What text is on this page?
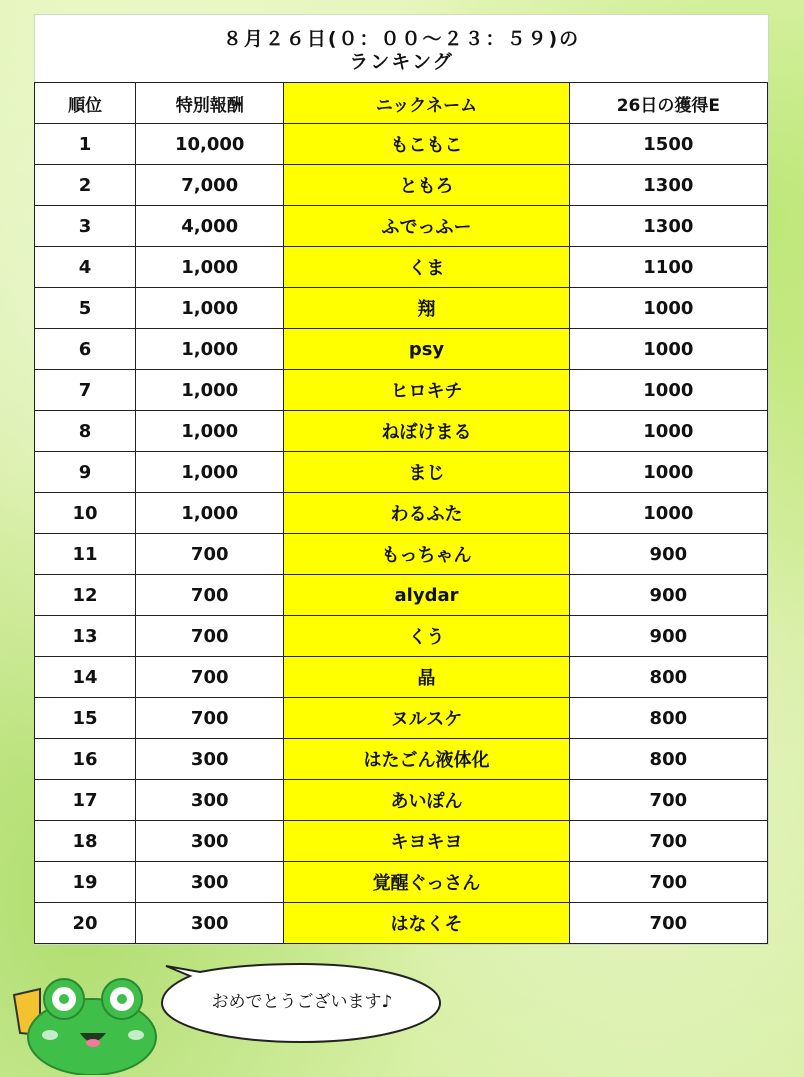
８月２６日(０：００〜２３：５９)の
ランキング
順位	特別報酬	ニックネーム	26日の獲得E
1	10,000	もこもこ	1500
2	7,000	ともろ	1300
3	4,000	ふでっふー	1300
4	1,000	くま	1100
5	1,000	翔	1000
6	1,000	psy	1000
7	1,000	ヒロキチ	1000
8	1,000	ねぼけまる	1000
9	1,000	まじ	1000
10	1,000	わるふた	1000
11	700	もっちゃん	900
12	700	alydar	900
13	700	くう	900
14	700	晶	800
15	700	ヌルスケ	800
16	300	はたごん液体化	800
17	300	あいぽん	700
18	300	キヨキヨ	700
19	300	覚醒ぐっさん	700
20	300	はなくそ	700
おめでとうございます♪
